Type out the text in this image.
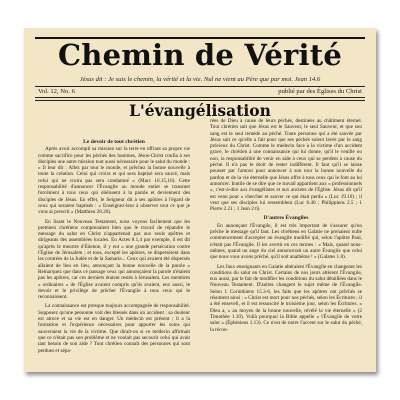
Chemin de Vérité
Jésus dit : Je suis le chemin, la vérité et la vie. Nul ne vient au Père que par moi. Jean 14.6
Vol. 12, No. 6	publié par des Églises du Christ
L'évangélisation
Le devoir de tout chrétien

Après avoir accompli sa mission sur la terre en offrant sa propre vie comme sacrifice pour les péchés des hommes, Jésus-Christ confia à ses disciples une autre mission tout aussi nécessaire pour le salut du monde : « Il leur dit : Allez par tout le monde, et prêchez la bonne nouvelle à toute la création. Celui qui croira et qui sera baptisé sera sauvé, mais celui qui ne croira pas sera condamné » (Marc 16.15,16). Cette responsabilité d'annoncer l'Évangile au monde entier se transmet forcément à tous ceux qui obéissent à la parole et deviennent des disciples de Jésus. En effet, le Seigneur dit à ses apôtres à l'égard de ceux qui seraient baptisés : « Enseignez-leur à observer tout ce que je vous ai prescrit » (Matthieu 28.20).

En lisant le Nouveau Testament, nous voyons facilement que les premiers chrétiens comprenaient bien que le travail de répandre le message du salut en Christ n'appartenait pas aux seuls apôtres et dirigeants des assemblées locales. En Actes 8.1,4 par exemple, il est dit qu'après le meurtre d'Étienne, il y eut « une grande persécution contre l'Église de Jérusalem ; et tous, excepté les apôtres, se dispersèrent dans les contrées de la Judée et de la Samarie... Ceux qui avaient été dispersés allaient de lieu en lieu, annonçant la bonne nouvelle de la parole » Remarquez que dans ce passage ceux qui annonçaient la parole n'étaient pas les apôtres, car ces derniers étaient restés à Jérusalem. Les membres « ordinaires » de l'Église avaient compris qu'ils avaient, eux aussi, le devoir et le privilège de prêcher l'Évangile à tous ceux qui le reconnaissent.

La connaissance est presque toujours accompagnée de responsabilité. Supposez qu'une personne voit des blessés dans un accident : sa douleur est atroce et sa vie est en danger. Un médecin est présent ; il a la formation et l'expérience nécessaires pour apporter les soins qui sauveraient la vie de la victime. Que dirait-on si ce médecin affirmait que ce n'était pas son problème et ne voulait pas secourir celui qui avait tant besoin de son aide ? Tout chrétien connaît des personnes qui sont perdues et sépa-

rées de Dieu à cause de leurs péchés, destinées au châtiment éternel. Tout chrétien sait que Jésus est le Sauveur, le seul Sauveur, et que son sang est le seul remède au péché. Toute personne qui a été sauvée par Jésus sait ce qu'elle a fait pour que ses péchés soient lavés par le sang précieux du Christ. Comme le médecin face à la victime d'un accident grave, le chrétien à une connaissance qui lui donne, qu'il le veuille ou non, la responsabilité de venir en aide à ceux qui se perdent à cause du péché. Il n'a pas le droit de rester indifférent. Il faut qu'il se laisse pousser par l'amour pour annoncer à son tour la bonne nouvelle du pardon et de la vie éternelle que Jésus offre à tous ceux qui le font au lui annoncer. Inutile de se dire que ce travail appartient aux « professionnels », c'est-à-dire aux évangélistes et aux anciens de l'Église. Jésus dit qu'il est venu pour « chercher et sauver ce qui était perdu » (Luc 19.10) ; il veut que ses disciples lui ressemblent (Luc 6.40 ; Philippiens 2.5 ; 1 Pierre 2.21 ; 1 Jean 2.6).

D'autres Évangiles

En annonçant l'Évangile, il est très important de s'assurer qu'on prêche le message qu'il faut. Les chrétiens en Galatie ne prenaient nulle commencement d'accepter un évangile modifié qui, selon l'apôtre Paul, n'était pas l'Évangile. Il les avertit en ces termes : « Mais, quand nous-mêmes, quand un ange du ciel annoncerait un autre Évangile que celui que nous vous avons prêché, qu'il soit anathème ! » (Galates 1.8).

Les faux enseignants en Galatie altéraient l'Évangile en changeant les conditions du salut en Christ. Certains de nos jours altèrent l'Évangile, eux aussi, par le fait de modifier les conditions du salut détaillées dans le Nouveau Testament. D'autres changent le sujet même de l'Évangile. Selon 1 Corinthiens 15.3-6, les faits que les apôtres ont prêchés se résument ainsi : « Christ est mort pour nos péchés, selon les Écritures ; il a été enseveli, et il est ressuscité le troisième jour, selon les Écritures. » Dieu a, « au moyen de la bonne nouvelle, révélé la vie éternelle » (2 Timothée 1.10). Voilà pourquoi la Bible appelle « l'Évangile de votre salut » (Éphésiens 1.13). Ce n'est de notre l'accent sur le salut du péché, la récon-
